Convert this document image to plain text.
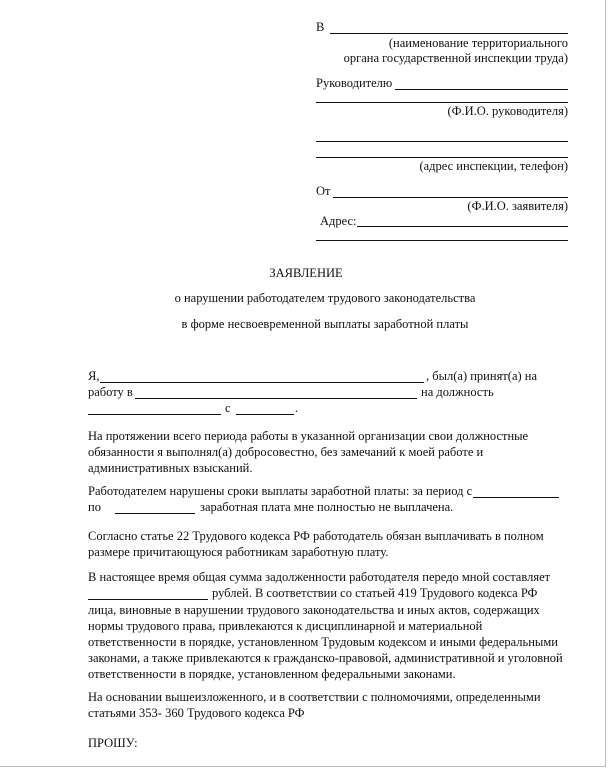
В
(наименование территориального
органа государственной инспекции труда)
Руководителю
(Ф.И.О. руководителя)
(адрес инспекции, телефон)
От
(Ф.И.О. заявителя)
Адрес:
ЗАЯВЛЕНИЕ
о нарушении работодателем трудового законодательства
в форме несвоевременной выплаты заработной платы
Я,	, был(а) принят(а) на
работу в	на должность
с	.
На протяжении всего периода работы в указанной организации свои должностные
обязанности я выполнял(а) добросовестно, без замечаний к моей работе и
административных взысканий.
Работодателем нарушены сроки выплаты заработной платы: за период с
по	заработная плата мне полностью не выплачена.
Согласно статье 22 Трудового кодекса РФ работодатель обязан выплачивать в полном
размере причитающуюся работникам заработную плату.
В настоящее время общая сумма задолженности работодателя передо мной составляет
рублей. В соответствии со статьей 419 Трудового кодекса РФ
лица, виновные в нарушении трудового законодательства и иных актов, содержащих
нормы трудового права, привлекаются к дисциплинарной и материальной
ответственности в порядке, установленном Трудовым кодексом и иными федеральными
законами, а также привлекаются к гражданско-правовой, административной и уголовной
ответственности в порядке, установленном федеральными законами.
На основании вышеизложенного, и в соответствии с полномочиями, определенными
статьями 353- 360 Трудового кодекса РФ
ПРОШУ:
